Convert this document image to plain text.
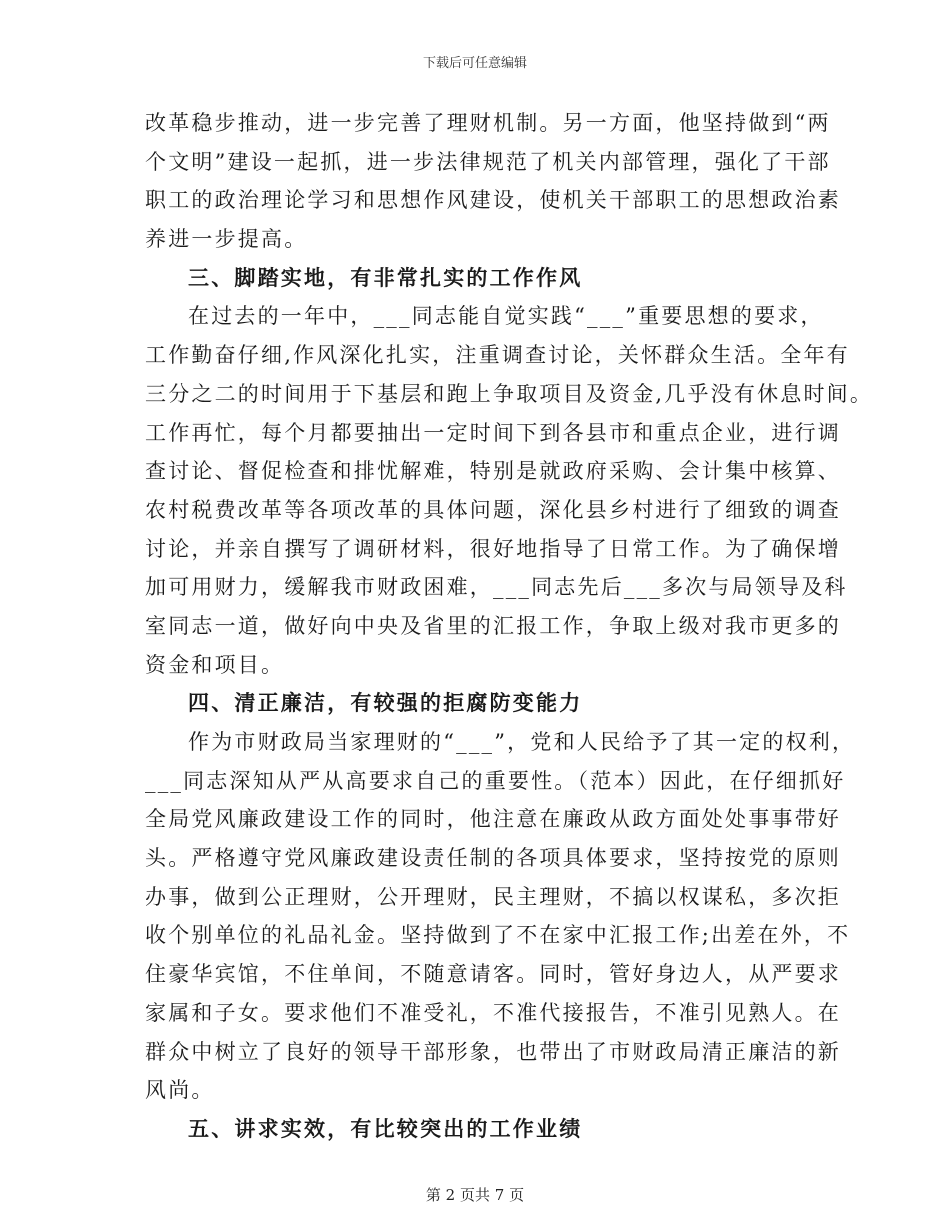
下载后可任意编辑
改革稳步推动，进一步完善了理财机制。另一方面，他坚持做到“两
个文明”建设一起抓，进一步法律规范了机关内部管理，强化了干部
职工的政治理论学习和思想作风建设，使机关干部职工的思想政治素
养进一步提高。
三、脚踏实地，有非常扎实的工作作风
在过去的一年中，___同志能自觉实践“___”重要思想的要求，
工作勤奋仔细,作风深化扎实，注重调查讨论，关怀群众生活。全年有
三分之二的时间用于下基层和跑上争取项目及资金,几乎没有休息时间。
工作再忙，每个月都要抽出一定时间下到各县市和重点企业，进行调
查讨论、督促检查和排忧解难，特别是就政府采购、会计集中核算、
农村税费改革等各项改革的具体问题，深化县乡村进行了细致的调查
讨论，并亲自撰写了调研材料，很好地指导了日常工作。为了确保增
加可用财力，缓解我市财政困难，___同志先后___多次与局领导及科
室同志一道，做好向中央及省里的汇报工作，争取上级对我市更多的
资金和项目。
四、清正廉洁，有较强的拒腐防变能力
作为市财政局当家理财的“___”，党和人民给予了其一定的权利，
___同志深知从严从高要求自己的重要性。（范本）因此，在仔细抓好
全局党风廉政建设工作的同时，他注意在廉政从政方面处处事事带好
头。严格遵守党风廉政建设责任制的各项具体要求，坚持按党的原则
办事，做到公正理财，公开理财，民主理财，不搞以权谋私，多次拒
收个别单位的礼品礼金。坚持做到了不在家中汇报工作;出差在外，不
住豪华宾馆，不住单间，不随意请客。同时，管好身边人，从严要求
家属和子女。要求他们不准受礼，不准代接报告，不准引见熟人。在
群众中树立了良好的领导干部形象，也带出了市财政局清正廉洁的新
风尚。
五、讲求实效，有比较突出的工作业绩
第 2 页共 7 页
